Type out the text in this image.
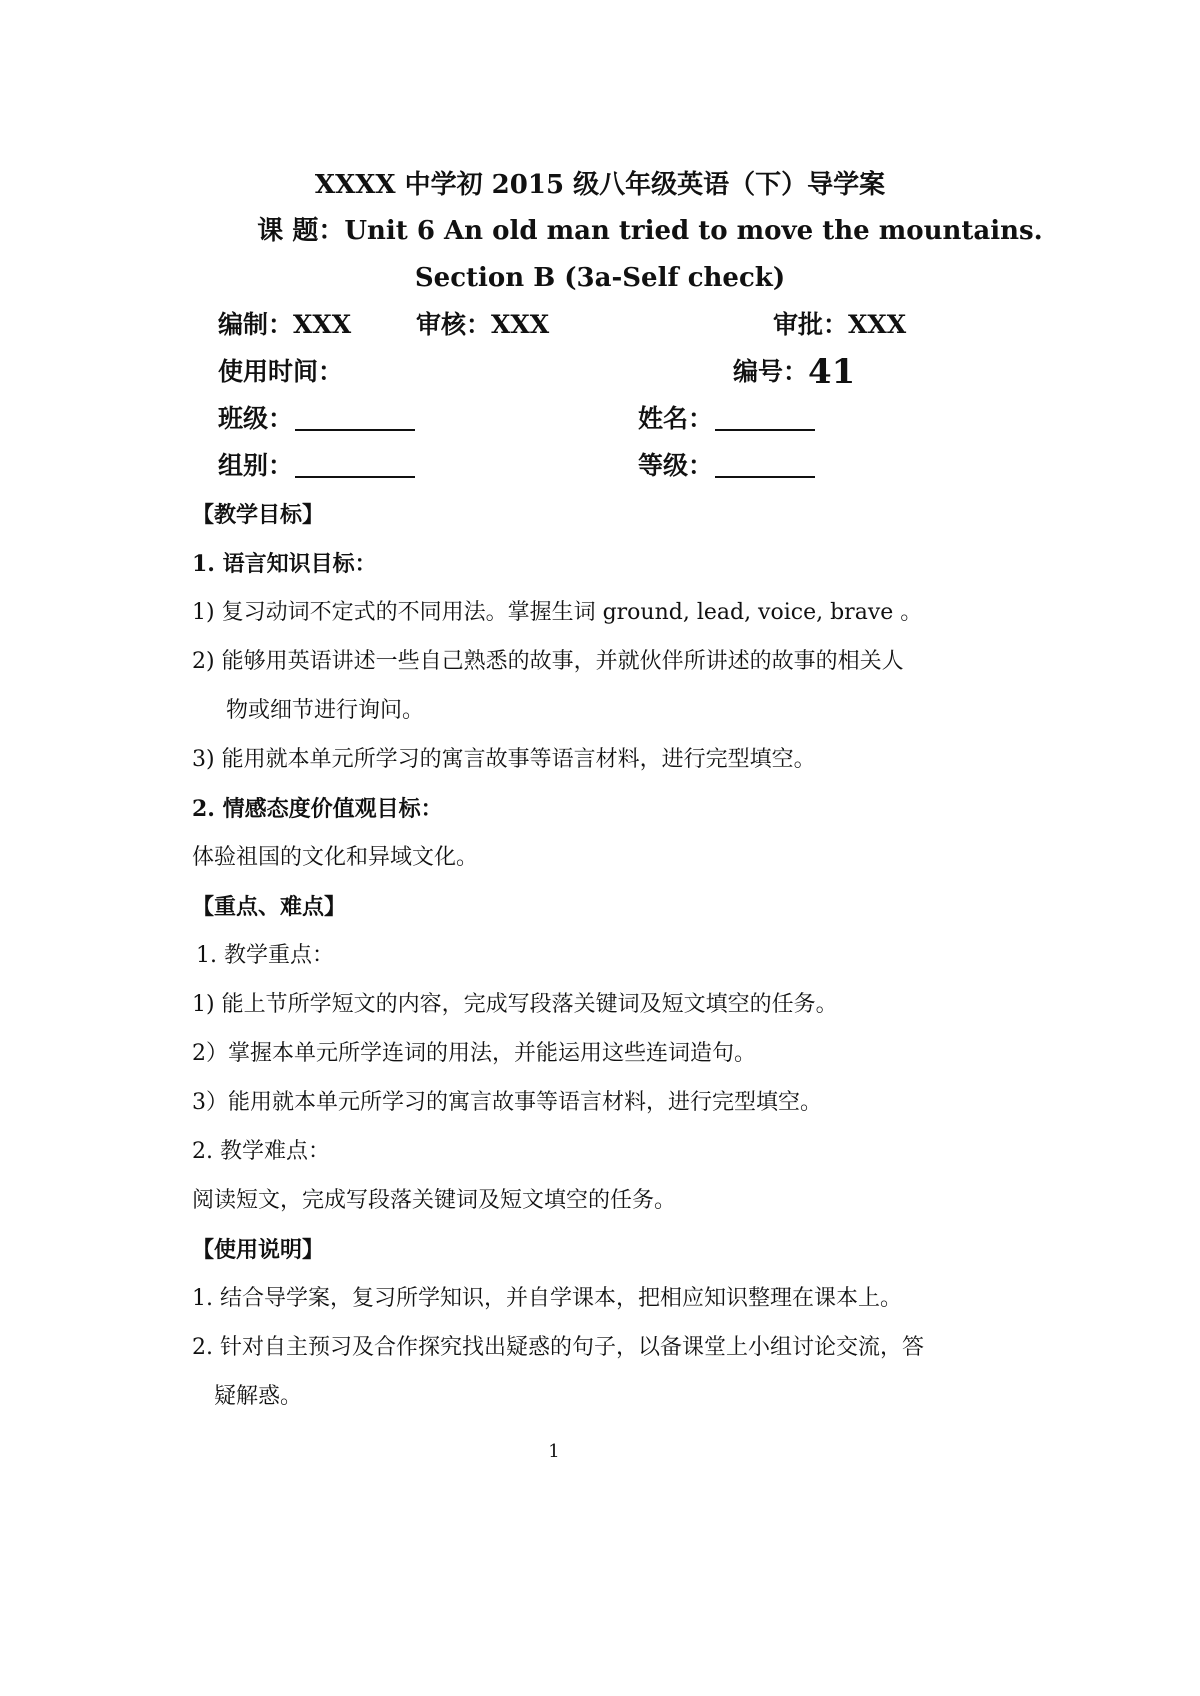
XXXX 中学初 2015 级八年级英语（下）导学案
课 题：Unit 6 An old man tried to move the mountains.
Section B (3a-Self check)
编制：XXX	审核：XXX	审批：XXX
使用时间：	编号：41
班级：	姓名：
组别：	等级：
【教学目标】
1. 语言知识目标：
1) 复习动词不定式的不同用法。掌握生词 ground, lead, voice, brave 。
2) 能够用英语讲述一些自己熟悉的故事，并就伙伴所讲述的故事的相关人
物或细节进行询问。
3) 能用就本单元所学习的寓言故事等语言材料，进行完型填空。
2. 情感态度价值观目标：
体验祖国的文化和异域文化。
【重点、难点】
1. 教学重点：
1) 能上节所学短文的内容，完成写段落关键词及短文填空的任务。
2）掌握本单元所学连词的用法，并能运用这些连词造句。
3）能用就本单元所学习的寓言故事等语言材料，进行完型填空。
2. 教学难点：
阅读短文，完成写段落关键词及短文填空的任务。
【使用说明】
1. 结合导学案，复习所学知识，并自学课本，把相应知识整理在课本上。
2. 针对自主预习及合作探究找出疑惑的句子，以备课堂上小组讨论交流，答
疑解惑。
1
